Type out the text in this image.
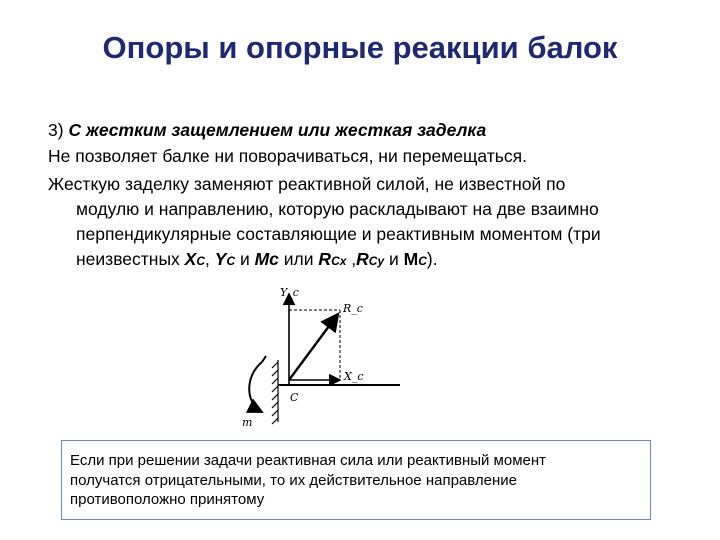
Опоры и опорные реакции балок
3) С жестким защемлением или жесткая заделка
Не позволяет балке ни поворачиваться, ни перемещаться.
Жесткую заделку заменяют реактивной силой, не известной по
модулю и направлению, которую раскладывают на две взаимно
перпендикулярные составляющие и реактивным моментом (три
неизвестных XC, YC и Mc или RCx ,RCy и MC).
Y_c
R_c
X_c
C
m
Если при решении задачи реактивная сила или реактивный момент
получатся отрицательными, то их действительное направление
противоположно принятому
